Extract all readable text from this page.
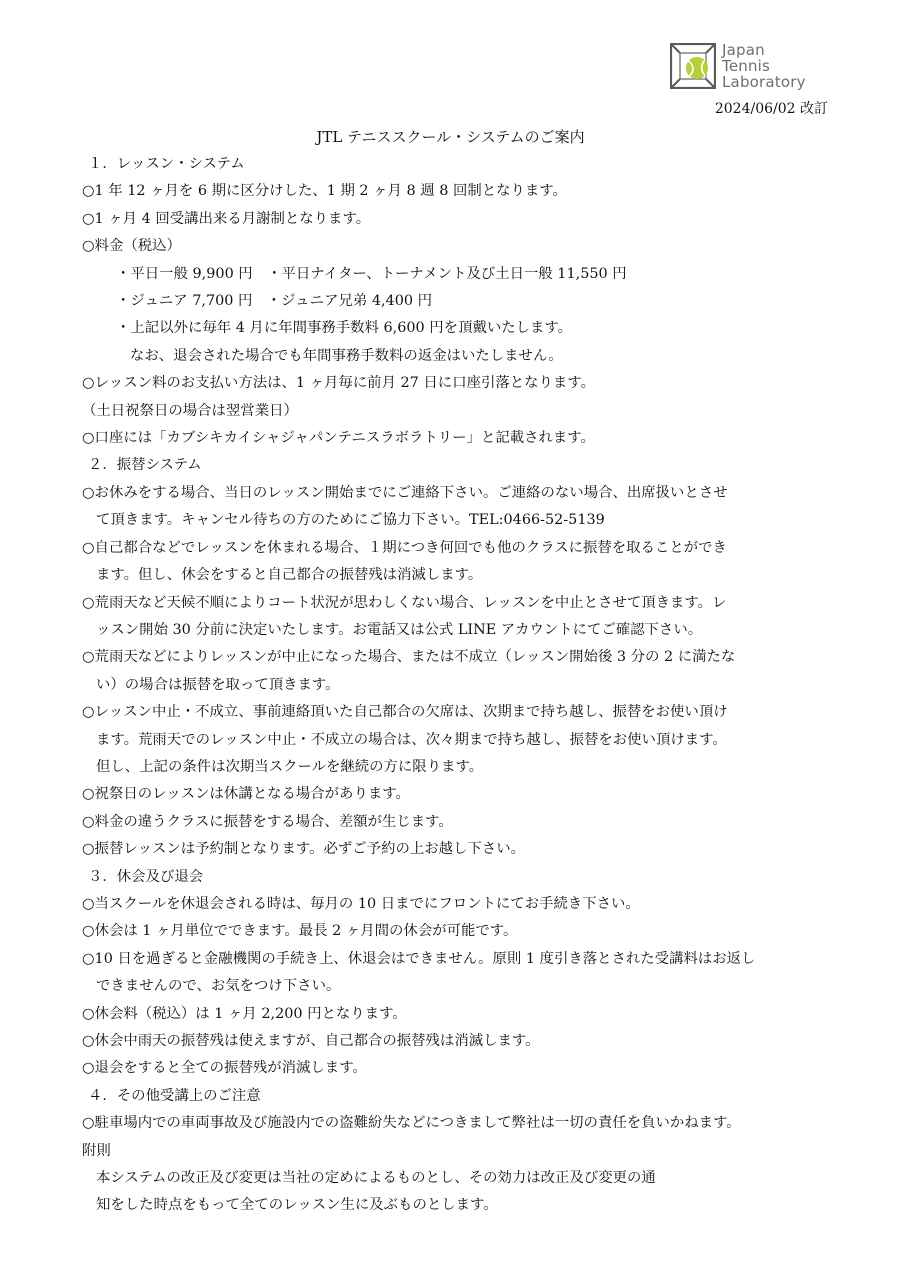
Japan
Tennis
Laboratory
2024/06/02 改訂
JTL テニススクール・システムのご案内
１．レッスン・システム
○1 年 12 ヶ月を 6 期に区分けした、1 期 2 ヶ月 8 週 8 回制となります。
○1 ヶ月 4 回受講出来る月謝制となります。
○料金（税込）
・平日一般 9,900 円　・平日ナイター、トーナメント及び土日一般 11,550 円
・ジュニア 7,700 円　・ジュニア兄弟 4,400 円
・上記以外に毎年 4 月に年間事務手数料 6,600 円を頂戴いたします。
なお、退会された場合でも年間事務手数料の返金はいたしません。
○レッスン料のお支払い方法は、1 ヶ月毎に前月 27 日に口座引落となります。
（土日祝祭日の場合は翌営業日）
○口座には「カブシキカイシャジャパンテニスラボラトリー」と記載されます。
２．振替システム
○お休みをする場合、当日のレッスン開始までにご連絡下さい。ご連絡のない場合、出席扱いとさせ
て頂きます。キャンセル待ちの方のためにご協力下さい。TEL:0466-52-5139
○自己都合などでレッスンを休まれる場合、１期につき何回でも他のクラスに振替を取ることができ
ます。但し、休会をすると自己都合の振替残は消滅します。
○荒雨天など天候不順によりコート状況が思わしくない場合、レッスンを中止とさせて頂きます。レ
ッスン開始 30 分前に決定いたします。お電話又は公式 LINE アカウントにてご確認下さい。
○荒雨天などによりレッスンが中止になった場合、または不成立（レッスン開始後 3 分の 2 に満たな
い）の場合は振替を取って頂きます。
○レッスン中止・不成立、事前連絡頂いた自己都合の欠席は、次期まで持ち越し、振替をお使い頂け
ます。荒雨天でのレッスン中止・不成立の場合は、次々期まで持ち越し、振替をお使い頂けます。
但し、上記の条件は次期当スクールを継続の方に限ります。
○祝祭日のレッスンは休講となる場合があります。
○料金の違うクラスに振替をする場合、差額が生じます。
○振替レッスンは予約制となります。必ずご予約の上お越し下さい。
３．休会及び退会
○当スクールを休退会される時は、毎月の 10 日までにフロントにてお手続き下さい。
○休会は 1 ヶ月単位でできます。最長 2 ヶ月間の休会が可能です。
○10 日を過ぎると金融機関の手続き上、休退会はできません。原則 1 度引き落とされた受講料はお返し
できませんので、お気をつけ下さい。
○休会料（税込）は 1 ヶ月 2,200 円となります。
○休会中雨天の振替残は使えますが、自己都合の振替残は消滅します。
○退会をすると全ての振替残が消滅します。
４．その他受講上のご注意
○駐車場内での車両事故及び施設内での盗難紛失などにつきまして弊社は一切の責任を負いかねます。
附則
本システムの改正及び変更は当社の定めによるものとし、その効力は改正及び変更の通
知をした時点をもって全てのレッスン生に及ぶものとします。
